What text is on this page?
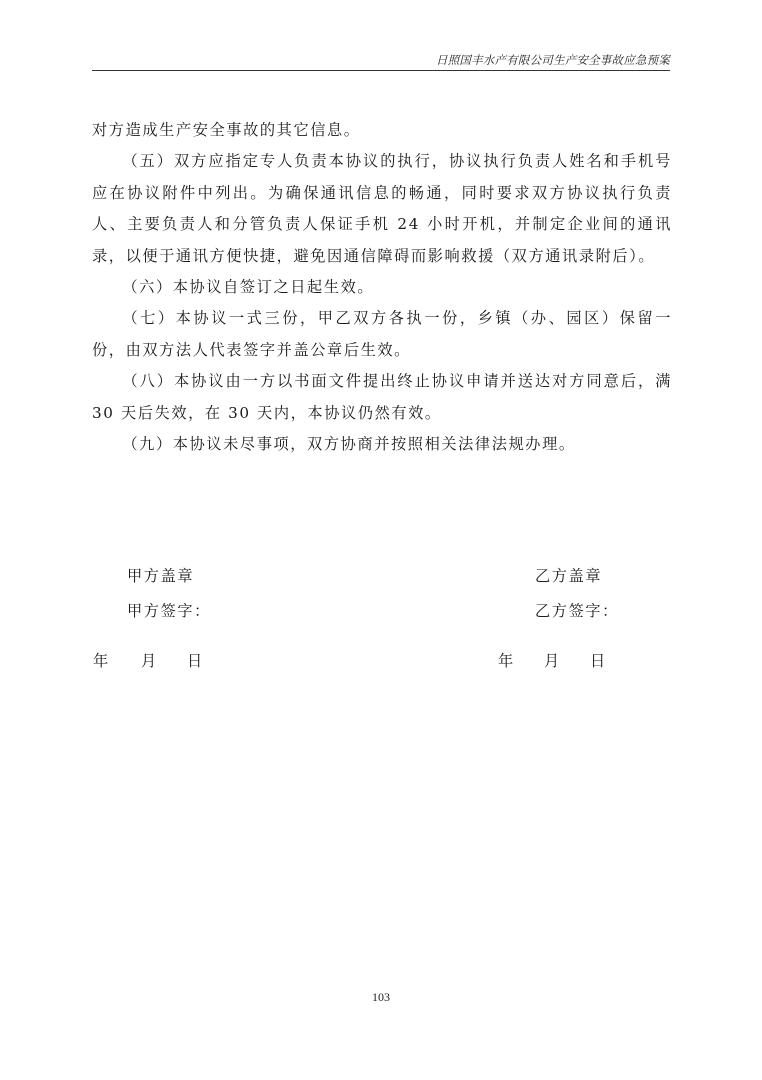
日照国丰水产有限公司生产安全事故应急预案

对方造成生产安全事故的其它信息。

（五）双方应指定专人负责本协议的执行，协议执行负责人姓名和手机号应在协议附件中列出。为确保通讯信息的畅通，同时要求双方协议执行负责人、主要负责人和分管负责人保证手机 24 小时开机，并制定企业间的通讯录，以便于通讯方便快捷，避免因通信障碍而影响救援（双方通讯录附后）。

（六）本协议自签订之日起生效。

（七）本协议一式三份，甲乙双方各执一份，乡镇（办、园区）保留一份，由双方法人代表签字并盖公章后生效。

（八）本协议由一方以书面文件提出终止协议申请并送达对方同意后，满 30 天后失效，在 30 天内，本协议仍然有效。

（九）本协议未尽事项，双方协商并按照相关法律法规办理。

甲方盖章
甲方签字：
乙方盖章
乙方签字：
年 月 日	年 月 日
103
